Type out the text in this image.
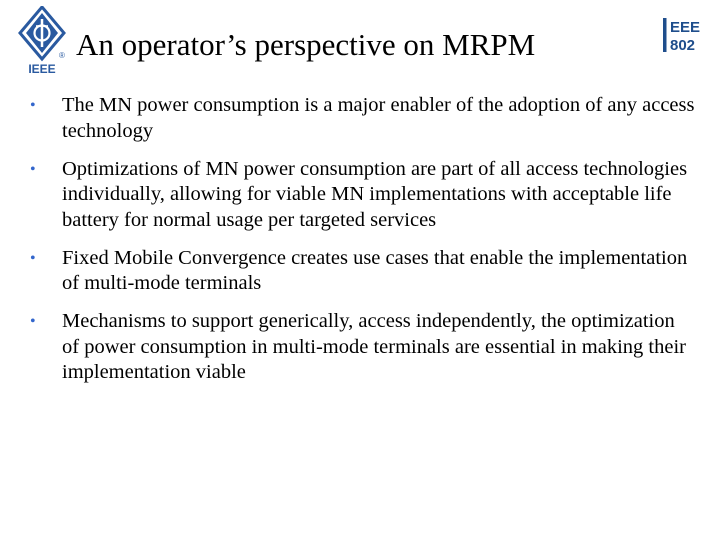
IEEE
® An operator’s perspective on MRPM	EEE
802
•	The MN power consumption is a major enabler of the adoption of any access technology
•	Optimizations of MN power consumption are part of all access technologies individually, allowing for viable MN implementations with acceptable life battery for normal usage per targeted services
•	Fixed Mobile Convergence creates use cases that enable the implementation of multi-mode terminals
•	Mechanisms to support generically, access independently, the optimization of power consumption in multi-mode terminals are essential in making their implementation viable
